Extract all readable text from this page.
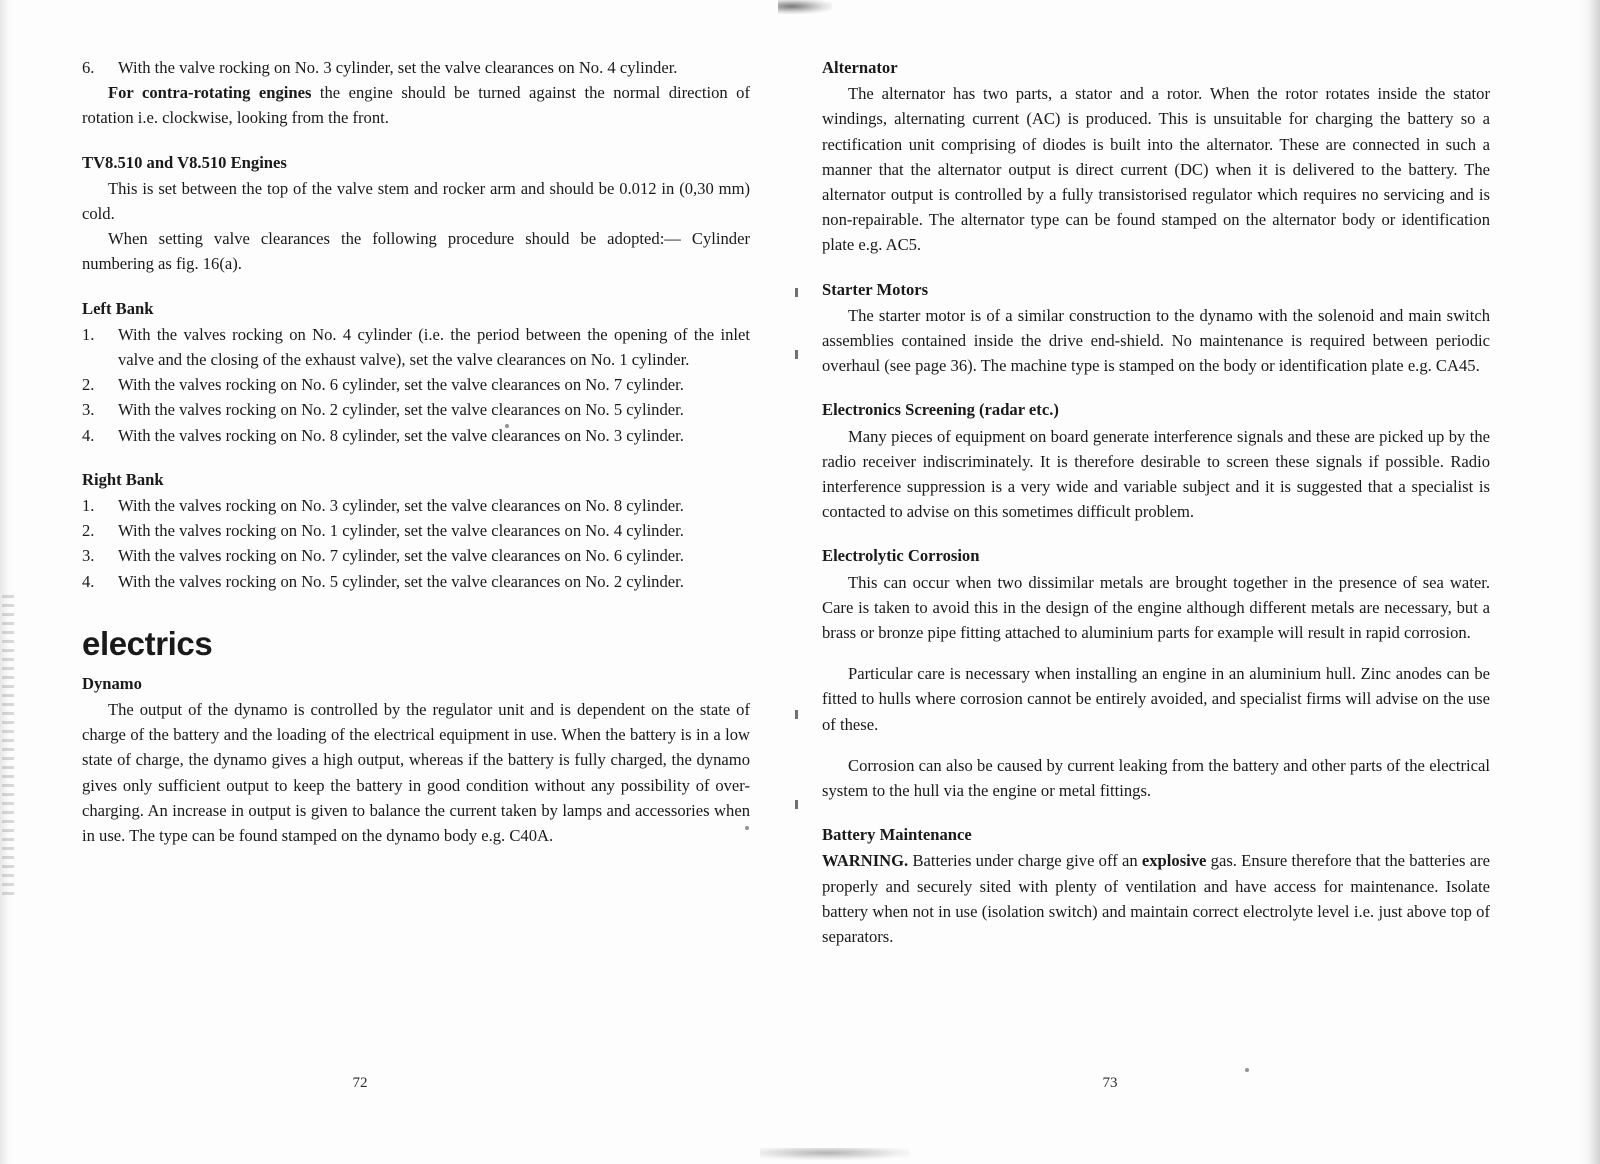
6.	With the valve rocking on No. 3 cylinder, set the valve clearances on No. 4 cylinder.

For contra-rotating engines the engine should be turned against the normal direction of rotation i.e. clockwise, looking from the front.

TV8.510 and V8.510 Engines

This is set between the top of the valve stem and rocker arm and should be 0.012 in (0,30 mm) cold.

When setting valve clearances the following procedure should be adopted:— Cylinder numbering as fig. 16(a).

Left Bank
1.	With the valves rocking on No. 4 cylinder (i.e. the period between the opening of the inlet valve and the closing of the exhaust valve), set the valve clearances on No. 1 cylinder.
2.	With the valves rocking on No. 6 cylinder, set the valve clearances on No. 7 cylinder.
3.	With the valves rocking on No. 2 cylinder, set the valve clearances on No. 5 cylinder.
4.	With the valves rocking on No. 8 cylinder, set the valve clearances on No. 3 cylinder.
Right Bank
1.	With the valves rocking on No. 3 cylinder, set the valve clearances on No. 8 cylinder.
2.	With the valves rocking on No. 1 cylinder, set the valve clearances on No. 4 cylinder.
3.	With the valves rocking on No. 7 cylinder, set the valve clearances on No. 6 cylinder.
4.	With the valves rocking on No. 5 cylinder, set the valve clearances on No. 2 cylinder.
electrics
Dynamo

The output of the dynamo is controlled by the regulator unit and is dependent on the state of charge of the battery and the loading of the electrical equipment in use. When the battery is in a low state of charge, the dynamo gives a high output, whereas if the battery is fully charged, the dynamo gives only sufficient output to keep the battery in good condition without any possibility of over-charging. An increase in output is given to balance the current taken by lamps and accessories when in use. The type can be found stamped on the dynamo body e.g. C40A.

Alternator

The alternator has two parts, a stator and a rotor. When the rotor rotates inside the stator windings, alternating current (AC) is produced. This is unsuitable for charging the battery so a rectification unit comprising of diodes is built into the alternator. These are connected in such a manner that the alternator output is direct current (DC) when it is delivered to the battery. The alternator output is controlled by a fully transistorised regulator which requires no servicing and is non-repairable. The alternator type can be found stamped on the alternator body or identification plate e.g. AC5.

Starter Motors

The starter motor is of a similar construction to the dynamo with the solenoid and main switch assemblies contained inside the drive end-shield. No maintenance is required between periodic overhaul (see page 36). The machine type is stamped on the body or identification plate e.g. CA45.

Electronics Screening (radar etc.)

Many pieces of equipment on board generate interference signals and these are picked up by the radio receiver indiscriminately. It is therefore desirable to screen these signals if possible. Radio interference suppression is a very wide and variable subject and it is suggested that a specialist is contacted to advise on this sometimes difficult problem.

Electrolytic Corrosion

This can occur when two dissimilar metals are brought together in the presence of sea water. Care is taken to avoid this in the design of the engine although different metals are necessary, but a brass or bronze pipe fitting attached to aluminium parts for example will result in rapid corrosion.

Particular care is necessary when installing an engine in an aluminium hull. Zinc anodes can be fitted to hulls where corrosion cannot be entirely avoided, and specialist firms will advise on the use of these.

Corrosion can also be caused by current leaking from the battery and other parts of the electrical system to the hull via the engine or metal fittings.

Battery Maintenance

WARNING. Batteries under charge give off an explosive gas. Ensure therefore that the batteries are properly and securely sited with plenty of ventilation and have access for maintenance. Isolate battery when not in use (isolation switch) and maintain correct electrolyte level i.e. just above top of separators.

72	73
